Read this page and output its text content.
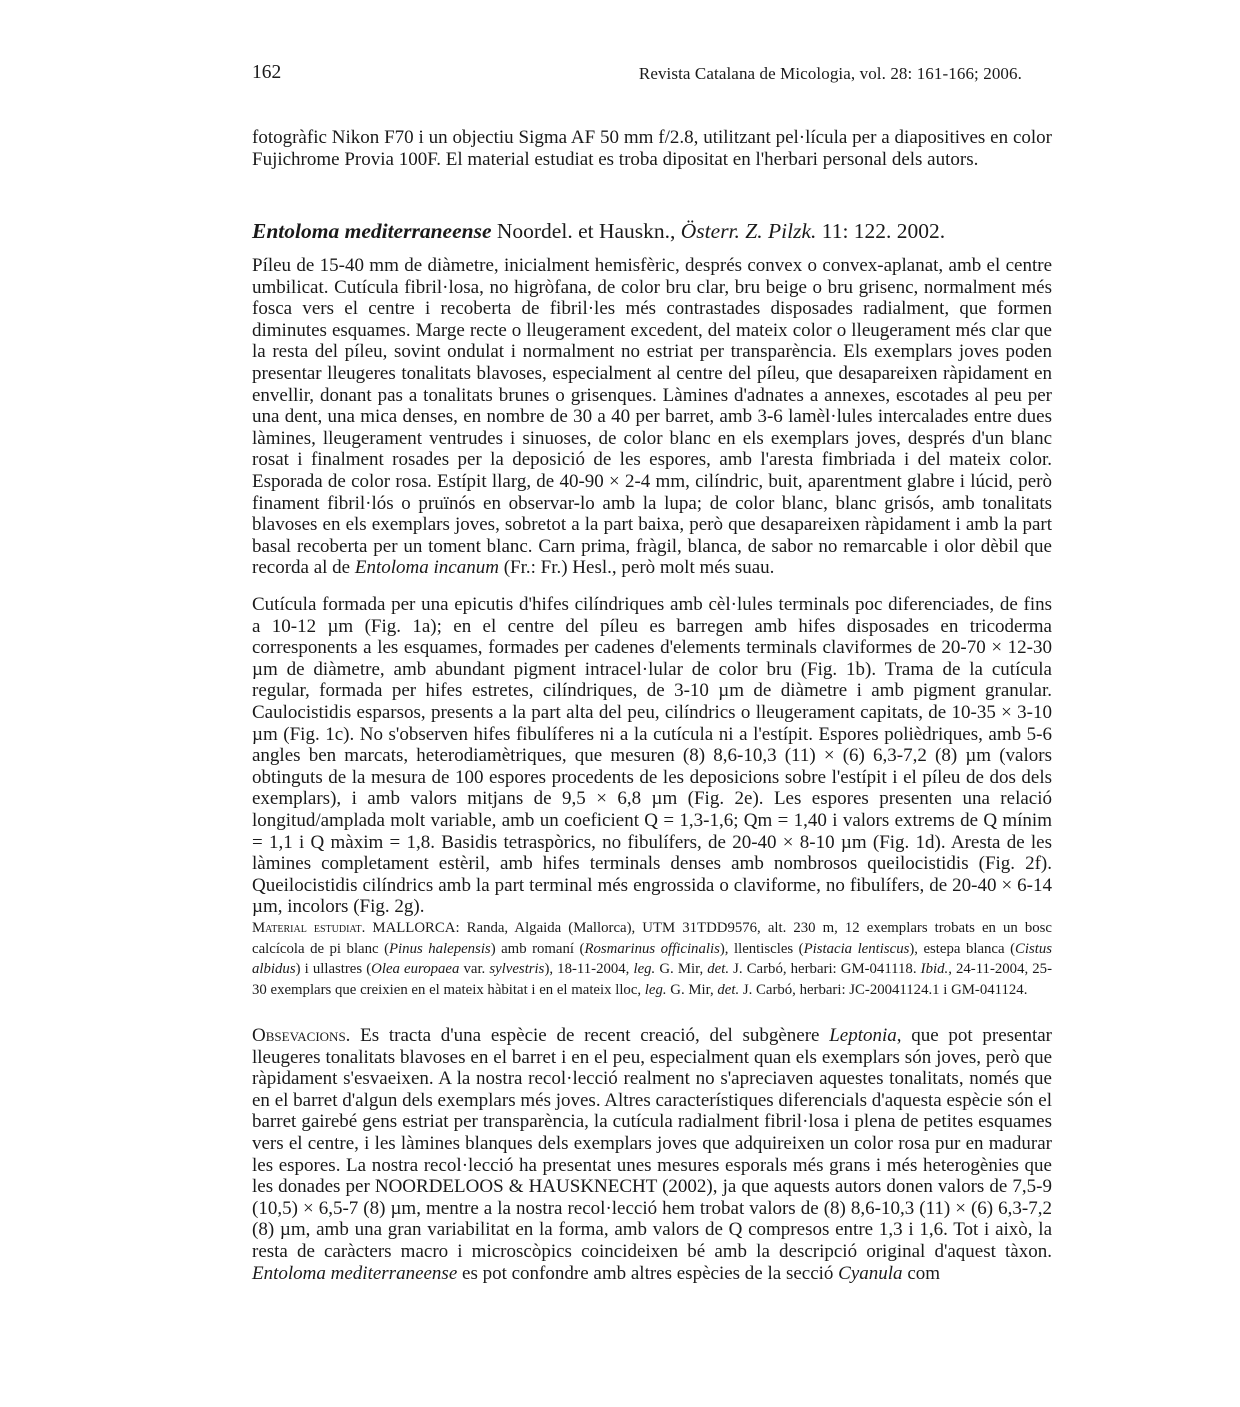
162	Revista Catalana de Micologia, vol. 28: 161-166; 2006.

fotogràfic Nikon F70 i un objectiu Sigma AF 50 mm f/2.8, utilitzant pel·lícula per a diapositives en color Fujichrome Provia 100F. El material estudiat es troba dipositat en l'herbari personal dels autors.

Entoloma mediterraneense Noordel. et Hauskn., Österr. Z. Pilzk. 11: 122. 2002.

Píleu de 15-40 mm de diàmetre, inicialment hemisfèric, després convex o convex-aplanat, amb el centre umbilicat. Cutícula fibril·losa, no higròfana, de color bru clar, bru beige o bru grisenc, normalment més fosca vers el centre i recoberta de fibril·les més contrastades disposades radialment, que formen diminutes esquames. Marge recte o lleugerament excedent, del mateix color o lleugerament més clar que la resta del píleu, sovint ondulat i normalment no estriat per transparència. Els exemplars joves poden presentar lleugeres tonalitats blavoses, especialment al centre del píleu, que desapareixen ràpidament en envellir, donant pas a tonalitats brunes o grisenques. Làmines d'adnates a annexes, escotades al peu per una dent, una mica denses, en nombre de 30 a 40 per barret, amb 3-6 lamèl·lules intercalades entre dues làmines, lleugerament ventrudes i sinuoses, de color blanc en els exemplars joves, després d'un blanc rosat i finalment rosades per la deposició de les espores, amb l'aresta fimbriada i del mateix color. Esporada de color rosa. Estípit llarg, de 40-90 × 2-4 mm, cilíndric, buit, aparentment glabre i lúcid, però finament fibril·lós o pruïnós en observar-lo amb la lupa; de color blanc, blanc grisós, amb tonalitats blavoses en els exemplars joves, sobretot a la part baixa, però que desapareixen ràpidament i amb la part basal recoberta per un toment blanc. Carn prima, fràgil, blanca, de sabor no remarcable i olor dèbil que recorda al de Entoloma incanum (Fr.: Fr.) Hesl., però molt més suau.

Cutícula formada per una epicutis d'hifes cilíndriques amb cèl·lules terminals poc diferenciades, de fins a 10-12 µm (Fig. 1a); en el centre del píleu es barregen amb hifes disposades en tricoderma corresponents a les esquames, formades per cadenes d'elements terminals claviformes de 20-70 × 12-30 µm de diàmetre, amb abundant pigment intracel·lular de color bru (Fig. 1b). Trama de la cutícula regular, formada per hifes estretes, cilíndriques, de 3-10 µm de diàmetre i amb pigment granular. Caulocistidis esparsos, presents a la part alta del peu, cilíndrics o lleugerament capitats, de 10-35 × 3-10 µm (Fig. 1c). No s'observen hifes fibulíferes ni a la cutícula ni a l'estípit. Espores polièdriques, amb 5-6 angles ben marcats, heterodiamètriques, que mesuren (8) 8,6-10,3 (11) × (6) 6,3-7,2 (8) µm (valors obtinguts de la mesura de 100 espores procedents de les deposicions sobre l'estípit i el píleu de dos dels exemplars), i amb valors mitjans de 9,5 × 6,8 µm (Fig. 2e). Les espores presenten una relació longitud/amplada molt variable, amb un coeficient Q = 1,3-1,6; Qm = 1,40 i valors extrems de Q mínim = 1,1 i Q màxim = 1,8. Basidis tetraspòrics, no fibulífers, de 20-40 × 8-10 µm (Fig. 1d). Aresta de les làmines completament estèril, amb hifes terminals denses amb nombrosos queilocistidis (Fig. 2f). Queilocistidis cilíndrics amb la part terminal més engrossida o claviforme, no fibulífers, de 20-40 × 6-14 µm, incolors (Fig. 2g).

Material estudiat. MALLORCA: Randa, Algaida (Mallorca), UTM 31TDD9576, alt. 230 m, 12 exemplars trobats en un bosc calcícola de pi blanc (Pinus halepensis) amb romaní (Rosmarinus officinalis), llentiscles (Pistacia lentiscus), estepa blanca (Cistus albidus) i ullastres (Olea europaea var. sylvestris), 18-11-2004, leg. G. Mir, det. J. Carbó, herbari: GM-041118. Ibid., 24-11-2004, 25-30 exemplars que creixien en el mateix hàbitat i en el mateix lloc, leg. G. Mir, det. J. Carbó, herbari: JC-20041124.1 i GM-041124.

Obsevacions. Es tracta d'una espècie de recent creació, del subgènere Leptonia, que pot presentar lleugeres tonalitats blavoses en el barret i en el peu, especialment quan els exemplars són joves, però que ràpidament s'esvaeixen. A la nostra recol·lecció realment no s'apreciaven aquestes tonalitats, només que en el barret d'algun dels exemplars més joves. Altres característiques diferencials d'aquesta espècie són el barret gairebé gens estriat per transparència, la cutícula radialment fibril·losa i plena de petites esquames vers el centre, i les làmines blanques dels exemplars joves que adquireixen un color rosa pur en madurar les espores. La nostra recol·lecció ha presentat unes mesures esporals més grans i més heterogènies que les donades per NOORDELOOS & HAUSKNECHT (2002), ja que aquests autors donen valors de 7,5-9 (10,5) × 6,5-7 (8) µm, mentre a la nostra recol·lecció hem trobat valors de (8) 8,6-10,3 (11) × (6) 6,3-7,2 (8) µm, amb una gran variabilitat en la forma, amb valors de Q compresos entre 1,3 i 1,6. Tot i això, la resta de caràcters macro i microscòpics coincideixen bé amb la descripció original d'aquest tàxon. Entoloma mediterraneense es pot confondre amb altres espècies de la secció Cyanula com
